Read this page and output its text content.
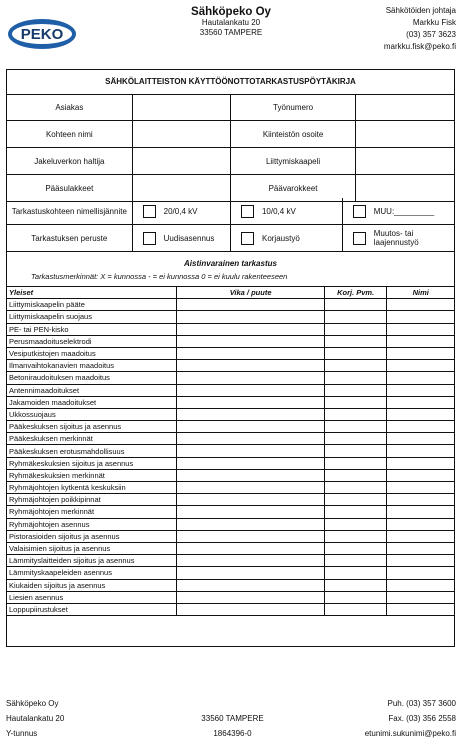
PEKO
Sähköpeko Oy
Hautalankatu 20
33560 TAMPERE
Sähkötöiden johtaja
Markku Fisk
(03) 357 3623
markku.fisk@peko.fi
SÄHKÖLAITTEISTON KÄYTTÖÖNOTTOTARKASTUSPÖYTÄKIRJA
Asiakas		Työnumero	
Kohteen nimi		Kiinteistön osoite	
Jakeluverkon haltija		Liittymiskaapeli	
Pääsulakkeet		Päävarokkeet	
Tarkastuskohteen nimellisjännite	20/0,4 kV	10/0,4 kV	MUU:_________
Tarkastuksen peruste	Uudisasennus	Korjaustyö	Muutos- tai laajennustyö
Aistinvarainen tarkastus
Tarkastusmerkinnät: X = kunnossa - = ei kunnossa 0 = ei kuulu rakenteeseen
Yleiset	Vika / puute	Korj. Pvm.	Nimi
Liittymiskaapelin pääte			
Liittymiskaapelin suojaus			
PE- tai PEN-kisko			
Perusmaadoituselektrodi			
Vesiputkistojen maadoitus			
Ilmanvaihtokanavien maadoitus			
Betoniraudoituksen maadoitus			
Antennimaadoitukset			
Jakamoiden maadoitukset			
Ukkossuojaus			
Pääkeskuksen sijoitus ja asennus			
Pääkeskuksen merkinnät			
Pääkeskuksen erotusmahdollisuus			
Ryhmäkeskuksien sijoitus ja asennus			
Ryhmäkeskuksien merkinnät			
Ryhmäjohtojen kytkentä keskuksiin			
Ryhmäjohtojen poikkipinnat			
Ryhmäjohtojen merkinnät			
Ryhmäjohtojen asennus			
Pistorasioiden sijoitus ja asennus			
Valaisimien sijoitus ja asennus			
Lämmityslaitteiden sijoitus ja asennus			
Lämmityskaapeleiden asennus			
Kiukaiden sijoitus ja asennus			
Liesien asennus			
Loppupiirustukset			
Sähköpeko Oy
Hautalankatu 20
Y-tunnus
33560 TAMPERE
1864396-0
Puh. (03) 357 3600
Fax. (03) 356 2558
etunimi.sukunimi@peko.fi
